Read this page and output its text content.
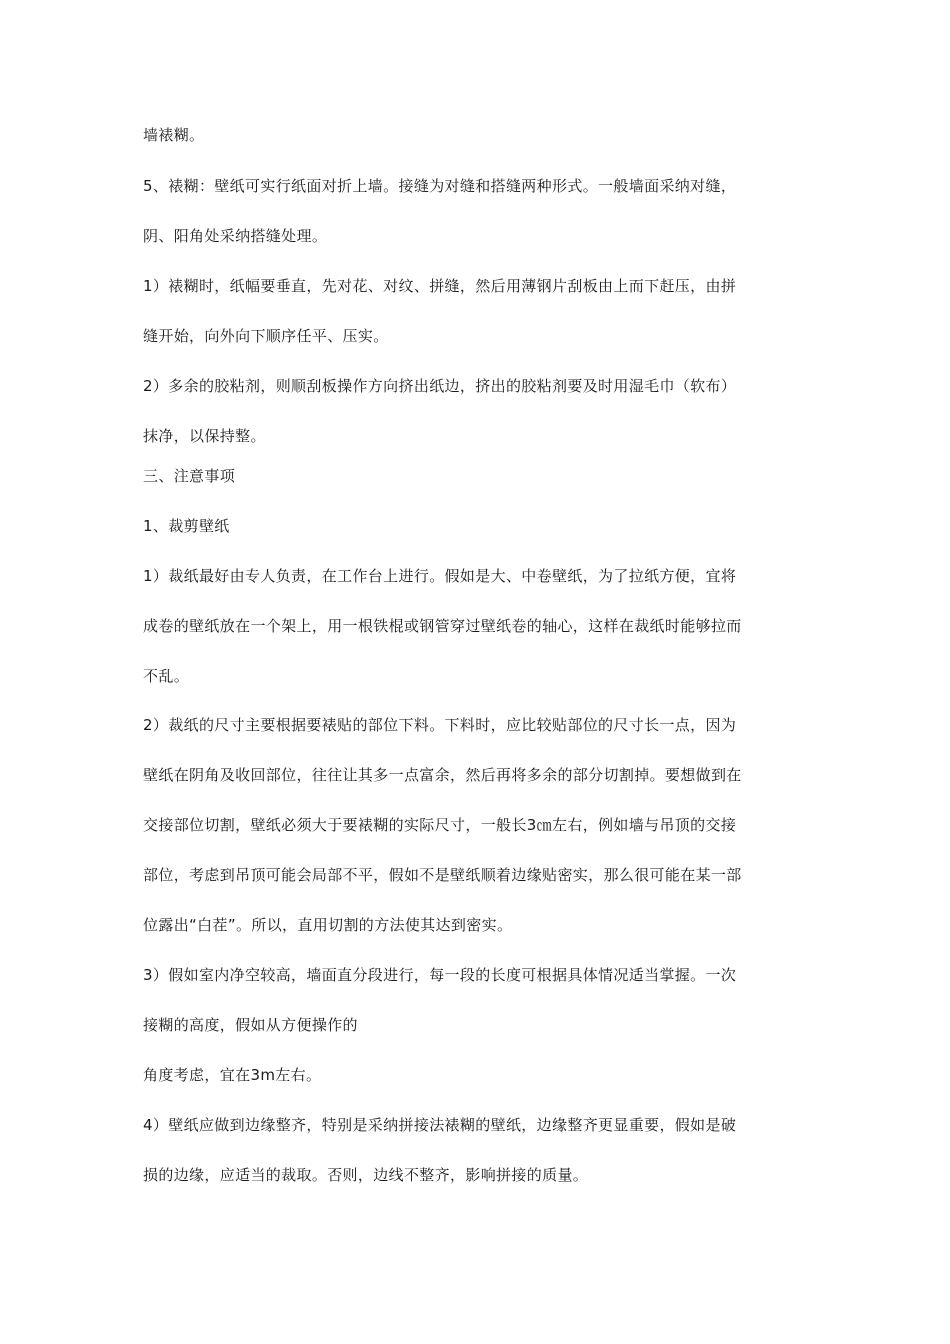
墙裱糊。
5、裱糊：壁纸可实行纸面对折上墙。接缝为对缝和搭缝两种形式。一般墙面采纳对缝，
阴、阳角处采纳搭缝处理。
1）裱糊时，纸幅要垂直，先对花、对纹、拼缝，然后用薄钢片刮板由上而下赶压，由拼
缝开始，向外向下顺序任平、压实。
2）多余的胶粘剂，则顺刮板操作方向挤出纸边，挤出的胶粘剂要及时用湿毛巾（软布）
抹净，以保持整。
三、注意事项
1、裁剪壁纸
1）裁纸最好由专人负责，在工作台上进行。假如是大、中卷壁纸，为了拉纸方便，宜将
成卷的壁纸放在一个架上，用一根铁棍或钢管穿过壁纸卷的轴心，这样在裁纸时能够拉而
不乱。
2）裁纸的尺寸主要根据要裱贴的部位下料。下料时，应比较贴部位的尺寸长一点，因为
壁纸在阴角及收回部位，往往让其多一点富余，然后再将多余的部分切割掉。要想做到在
交接部位切割，壁纸必须大于要裱糊的实际尺寸，一般长3㎝左右，例如墙与吊顶的交接
部位，考虑到吊顶可能会局部不平，假如不是壁纸顺着边缘贴密实，那么很可能在某一部
位露出“白茬”。所以，直用切割的方法使其达到密实。
3）假如室内净空较高，墙面直分段进行，每一段的长度可根据具体情况适当掌握。一次
接糊的高度，假如从方便操作的
角度考虑，宜在3m左右。
4）壁纸应做到边缘整齐，特别是采纳拼接法裱糊的壁纸，边缘整齐更显重要，假如是破
损的边缘，应适当的裁取。否则，边线不整齐，影响拼接的质量。
